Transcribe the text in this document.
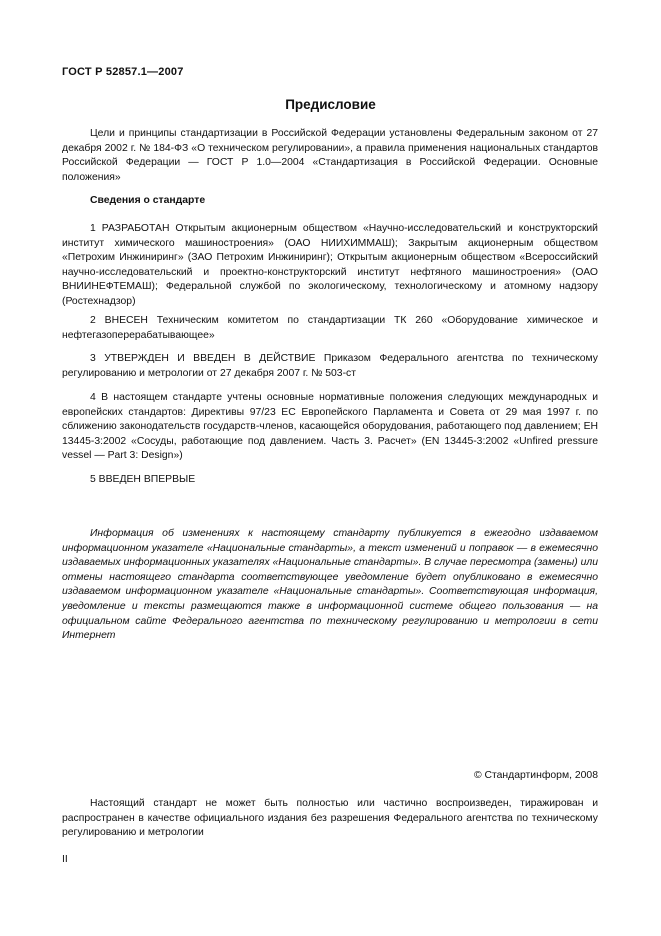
ГОСТ Р 52857.1—2007
Предисловие

Цели и принципы стандартизации в Российской Федерации установлены Федеральным законом от 27 декабря 2002 г. № 184-ФЗ «О техническом регулировании», а правила применения национальных стандартов Российской Федерации — ГОСТ Р 1.0—2004 «Стандартизация в Российской Федерации. Основные положения»

Сведения о стандарте

1 РАЗРАБОТАН Открытым акционерным обществом «Научно-исследовательский и конструкторский институт химического машиностроения» (ОАО НИИХИММАШ); Закрытым акционерным обществом «Петрохим Инжиниринг» (ЗАО Петрохим Инжиниринг); Открытым акционерным обществом «Всероссийский научно-исследовательский и проектно-конструкторский институт нефтяного машиностроения» (ОАО ВНИИНЕФТЕМАШ); Федеральной службой по экологическому, технологическому и атомному надзору (Ростехнадзор)

2 ВНЕСЕН Техническим комитетом по стандартизации ТК 260 «Оборудование химическое и нефтегазоперерабатывающее»

3 УТВЕРЖДЕН И ВВЕДЕН В ДЕЙСТВИЕ Приказом Федерального агентства по техническому регулированию и метрологии от 27 декабря 2007 г. № 503-ст

4 В настоящем стандарте учтены основные нормативные положения следующих международных и европейских стандартов: Директивы 97/23 ЕС Европейского Парламента и Совета от 29 мая 1997 г. по сближению законодательств государств-членов, касающейся оборудования, работающего под давлением; ЕН 13445-3:2002 «Сосуды, работающие под давлением. Часть 3. Расчет» (EN 13445-3:2002 «Unfired pressure vessel — Part 3: Design»)

5 ВВЕДЕН ВПЕРВЫЕ

Информация об изменениях к настоящему стандарту публикуется в ежегодно издаваемом информационном указателе «Национальные стандарты», а текст изменений и поправок — в ежемесячно издаваемых информационных указателях «Национальные стандарты». В случае пересмотра (замены) или отмены настоящего стандарта соответствующее уведомление будет опубликовано в ежемесячно издаваемом информационном указателе «Национальные стандарты». Соответствующая информация, уведомление и тексты размещаются также в информационной системе общего пользования — на официальном сайте Федерального агентства по техническому регулированию и метрологии в сети Интернет

© Стандартинформ, 2008

Настоящий стандарт не может быть полностью или частично воспроизведен, тиражирован и распространен в качестве официального издания без разрешения Федерального агентства по техническому регулированию и метрологии

II
